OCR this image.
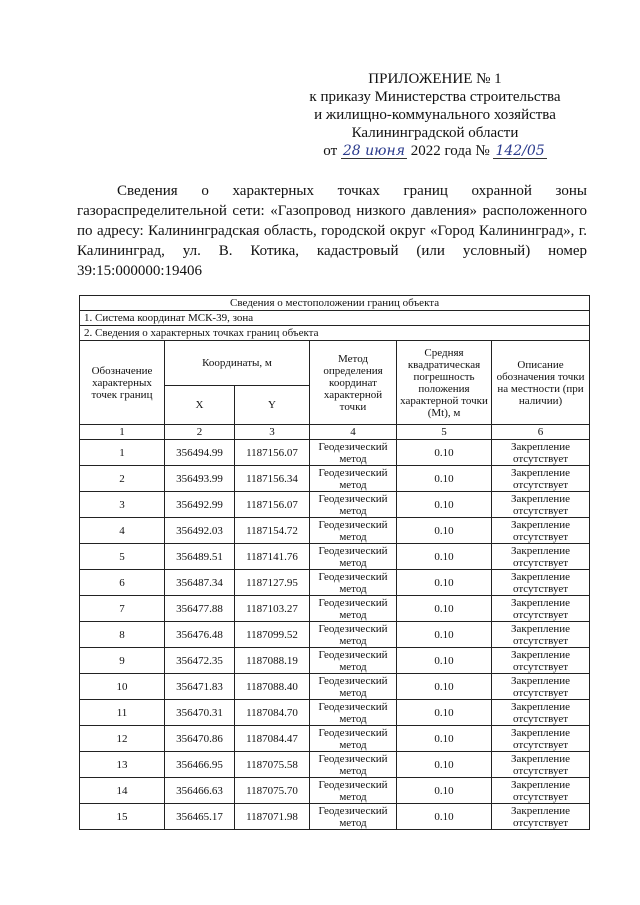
ПРИЛОЖЕНИЕ № 1
к приказу Министерства строительства
и жилищно-коммунального хозяйства
Калининградской области
от 28 июня 2022 года № 142/05
Сведения о характерных точках границ охранной зоны газораспределительной сети: «Газопровод низкого давления» расположенного по адресу: Калининградская область, городской округ «Город Калининград», г. Калининград, ул. В. Котика, кадастровый (или условный) номер 39:15:000000:19406
Сведения о местоположении границ объекта					
1. Система координат МСК-39, зона					
2. Сведения о характерных точках границ объекта					
Обозначение характерных точек границ	Координаты, м		Метод определения координат характерной точки	Средняя квадратическая погрешность положения характерной точки (Mt), м	Описание обозначения точки на местности (при наличии)
	X	Y			
1	2	3	4	5	6
1	356494.99	1187156.07	Геодезический метод	0.10	Закрепление отсутствует
2	356493.99	1187156.34	Геодезический метод	0.10	Закрепление отсутствует
3	356492.99	1187156.07	Геодезический метод	0.10	Закрепление отсутствует
4	356492.03	1187154.72	Геодезический метод	0.10	Закрепление отсутствует
5	356489.51	1187141.76	Геодезический метод	0.10	Закрепление отсутствует
6	356487.34	1187127.95	Геодезический метод	0.10	Закрепление отсутствует
7	356477.88	1187103.27	Геодезический метод	0.10	Закрепление отсутствует
8	356476.48	1187099.52	Геодезический метод	0.10	Закрепление отсутствует
9	356472.35	1187088.19	Геодезический метод	0.10	Закрепление отсутствует
10	356471.83	1187088.40	Геодезический метод	0.10	Закрепление отсутствует
11	356470.31	1187084.70	Геодезический метод	0.10	Закрепление отсутствует
12	356470.86	1187084.47	Геодезический метод	0.10	Закрепление отсутствует
13	356466.95	1187075.58	Геодезический метод	0.10	Закрепление отсутствует
14	356466.63	1187075.70	Геодезический метод	0.10	Закрепление отсутствует
15	356465.17	1187071.98	Геодезический метод	0.10	Закрепление отсутствует
